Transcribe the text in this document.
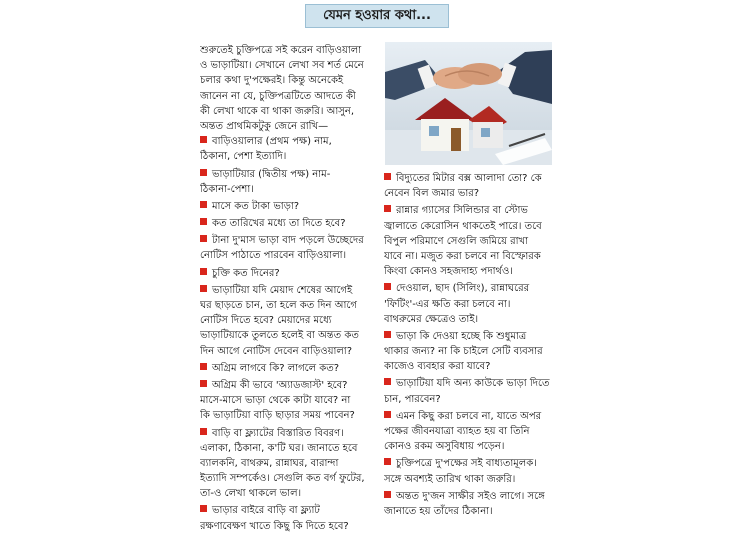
যেমন হওয়ার কথা...
শুরুতেই চুক্তিপত্রে সই করেন বাড়িওয়ালা
ও ভাড়াটিয়া। সেখানে লেখা সব শর্ত মেনে
চলার কথা দু'পক্ষেরই। কিন্তু অনেকেই
জানেন না যে, চুক্তিপত্রটিতে আদতে কী
কী লেখা থাকে বা থাকা জরুরি। আসুন,
অন্তত প্রাথমিকটুকু জেনে রাখি—
বাড়িওয়ালার (প্রথম পক্ষ) নাম,
ঠিকানা, পেশা ইত্যাদি।
ভাড়াটিয়ার (দ্বিতীয় পক্ষ) নাম-
ঠিকানা-পেশা।
মাসে কত টাকা ভাড়া?
কত তারিখের মধ্যে তা দিতে হবে?
টানা দু'মাস ভাড়া বাদ পড়লে উচ্ছেদের
নোটিস পাঠাতে পারবেন বাড়িওয়ালা।
চুক্তি কত দিনের?
ভাড়াটিয়া যদি মেয়াদ শেষের আগেই
ঘর ছাড়তে চান, তা হলে কত দিন আগে
নোটিস দিতে হবে? মেয়াদের মধ্যে
ভাড়াটিয়াকে তুলতে হলেই বা অন্তত কত
দিন আগে নোটিস দেবেন বাড়িওয়ালা?
অগ্রিম লাগবে কি? লাগলে কত?
অগ্রিম কী ভাবে 'অ্যাডজাস্ট' হবে?
মাসে-মাসে ভাড়া থেকে কাটা যাবে? না
কি ভাড়াটিয়া বাড়ি ছাড়ার সময় পাবেন?
বাড়ি বা ফ্ল্যাটের বিস্তারিত বিবরণ।
এলাকা, ঠিকানা, ক'টি ঘর। জানাতে হবে
ব্যালকনি, বাথরুম, রান্নাঘর, বারান্দা
ইত্যাদি সম্পর্কেও। সেগুলি কত বর্গ ফুটের,
তা-ও লেখা থাকলে ভাল।
ভাড়ার বাইরে বাড়ি বা ফ্ল্যাট
রক্ষণাবেক্ষণ খাতে কিছু কি দিতে হবে?
বিদ্যুতের মিটার বক্স আলাদা তো? কে
নেবেন বিল জমার ভার?
রান্নার গ্যাসের সিলিন্ডার বা স্টোভ
জ্বালাতে কেরোসিন থাকতেই পারে। তবে
বিপুল পরিমাণে সেগুলি জমিয়ে রাখা
যাবে না। মজুত করা চলবে না বিস্ফোরক
কিংবা কোনও সহজদাহ্য পদার্থও।
দেওয়াল, ছাদ (সিলিং), রান্নাঘরের
'ফিটিং'-এর ক্ষতি করা চলবে না।
বাথরুমের ক্ষেত্রেও তাই।
ভাড়া কি দেওয়া হচ্ছে কি শুধুমাত্র
থাকার জন্য? না কি চাইলে সেটি ব্যবসার
কাজেও ব্যবহার করা যাবে?
ভাড়াটিয়া যদি অন্য কাউকে ভাড়া দিতে
চান, পারবেন?
এমন কিছু করা চলবে না, যাতে অপর
পক্ষের জীবনযাত্রা ব্যাহত হয় বা তিনি
কোনও রকম অসুবিধায় পড়েন।
চুক্তিপত্রে দু'পক্ষের সই বাধ্যতামূলক।
সঙ্গে অবশ্যই তারিখ থাকা জরুরি।
অন্তত দু'জন সাক্ষীর সইও লাগে। সঙ্গে
জানাতে হয় তাঁদের ঠিকানা।
